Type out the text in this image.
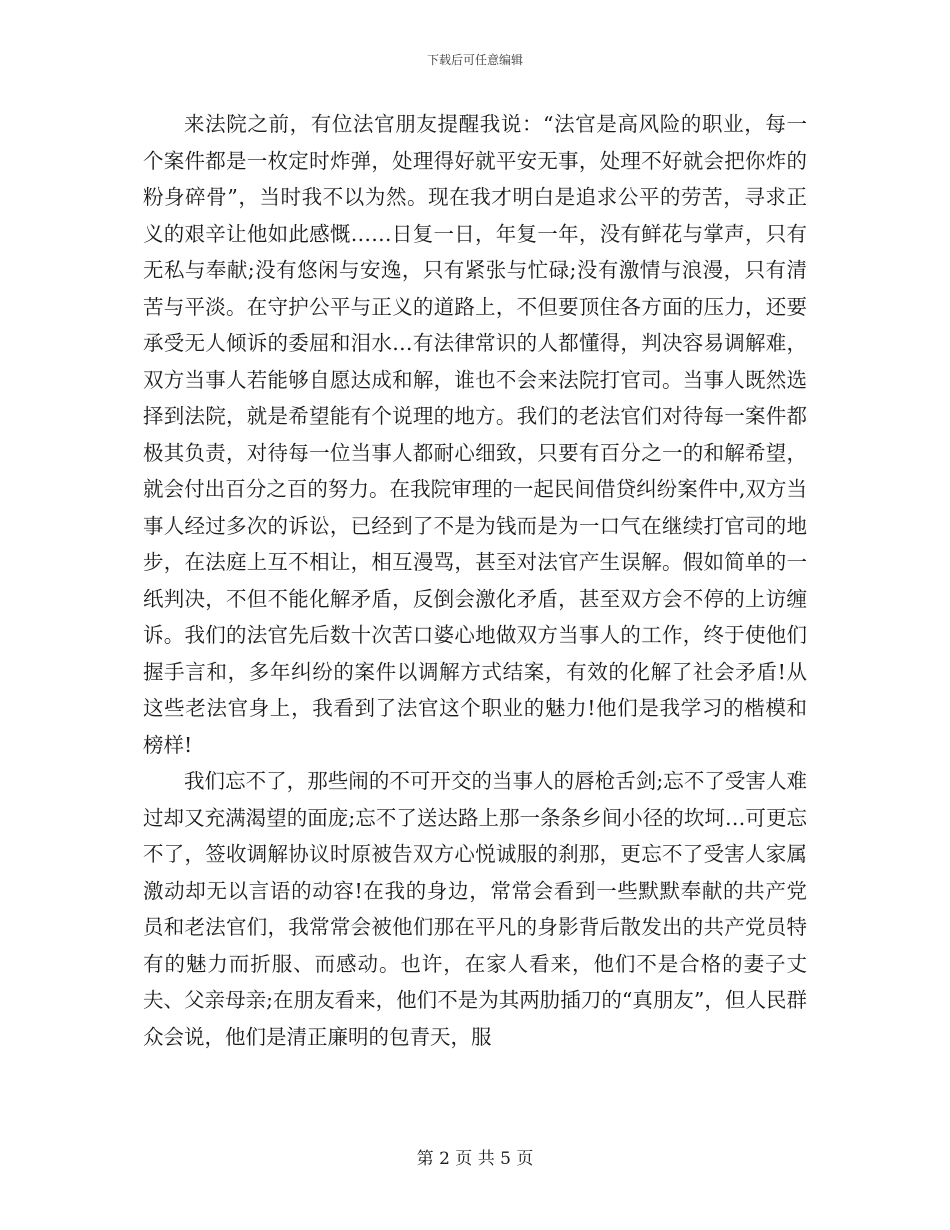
下载后可任意编辑

来法院之前，有位法官朋友提醒我说：“法官是高风险的职业，每一个案件都是一枚定时炸弹，处理得好就平安无事，处理不好就会把你炸的粉身碎骨”，当时我不以为然。现在我才明白是追求公平的劳苦，寻求正义的艰辛让他如此感慨……日复一日，年复一年，没有鲜花与掌声，只有无私与奉献;没有悠闲与安逸，只有紧张与忙碌;没有激情与浪漫，只有清苦与平淡。在守护公平与正义的道路上，不但要顶住各方面的压力，还要承受无人倾诉的委屈和泪水…有法律常识的人都懂得，判决容易调解难，双方当事人若能够自愿达成和解，谁也不会来法院打官司。当事人既然选择到法院，就是希望能有个说理的地方。我们的老法官们对待每一案件都极其负责，对待每一位当事人都耐心细致，只要有百分之一的和解希望，就会付出百分之百的努力。在我院审理的一起民间借贷纠纷案件中,双方当事人经过多次的诉讼，已经到了不是为钱而是为一口气在继续打官司的地步，在法庭上互不相让，相互漫骂，甚至对法官产生误解。假如简单的一纸判决，不但不能化解矛盾，反倒会激化矛盾，甚至双方会不停的上访缠诉。我们的法官先后数十次苦口婆心地做双方当事人的工作，终于使他们握手言和，多年纠纷的案件以调解方式结案，有效的化解了社会矛盾!从这些老法官身上，我看到了法官这个职业的魅力!他们是我学习的楷模和榜样!

我们忘不了，那些闹的不可开交的当事人的唇枪舌剑;忘不了受害人难过却又充满渴望的面庞;忘不了送达路上那一条条乡间小径的坎坷…可更忘不了，签收调解协议时原被告双方心悦诚服的刹那，更忘不了受害人家属激动却无以言语的动容!在我的身边，常常会看到一些默默奉献的共产党员和老法官们，我常常会被他们那在平凡的身影背后散发出的共产党员特有的魅力而折服、而感动。也许，在家人看来，他们不是合格的妻子丈夫、父亲母亲;在朋友看来，他们不是为其两肋插刀的“真朋友”，但人民群众会说，他们是清正廉明的包青天，服

第 2 页 共 5 页
